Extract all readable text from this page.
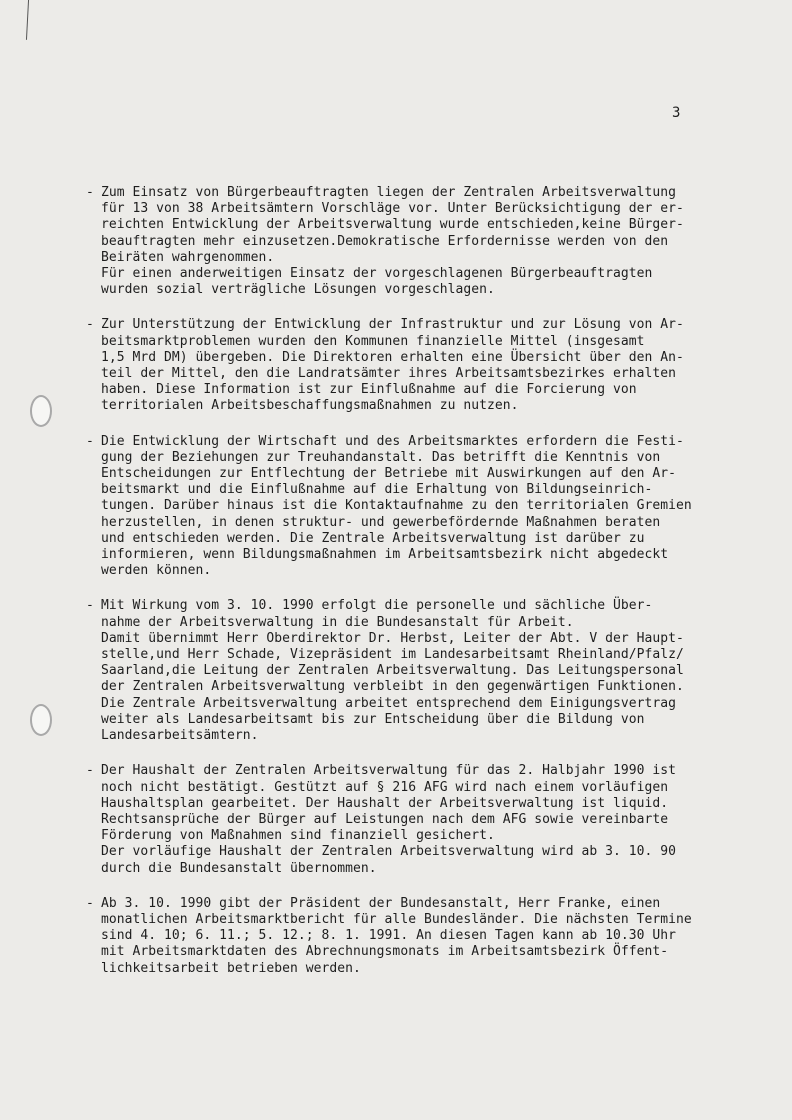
3
- Zum Einsatz von Bürgerbeauftragten liegen der Zentralen Arbeitsverwaltung
für 13 von 38 Arbeitsämtern Vorschläge vor. Unter Berücksichtigung der er-
reichten Entwicklung der Arbeitsverwaltung wurde entschieden,keine Bürger-
beauftragten mehr einzusetzen.Demokratische Erfordernisse werden von den
Beiräten wahrgenommen.
Für einen anderweitigen Einsatz der vorgeschlagenen Bürgerbeauftragten
wurden sozial verträgliche Lösungen vorgeschlagen.
- Zur Unterstützung der Entwicklung der Infrastruktur und zur Lösung von Ar-
beitsmarktproblemen wurden den Kommunen finanzielle Mittel (insgesamt
1,5 Mrd DM) übergeben. Die Direktoren erhalten eine Übersicht über den An-
teil der Mittel, den die Landratsämter ihres Arbeitsamtsbezirkes erhalten
haben. Diese Information ist zur Einflußnahme auf die Forcierung von
territorialen Arbeitsbeschaffungsmaßnahmen zu nutzen.
- Die Entwicklung der Wirtschaft und des Arbeitsmarktes erfordern die Festi-
gung der Beziehungen zur Treuhandanstalt. Das betrifft die Kenntnis von
Entscheidungen zur Entflechtung der Betriebe mit Auswirkungen auf den Ar-
beitsmarkt und die Einflußnahme auf die Erhaltung von Bildungseinrich-
tungen. Darüber hinaus ist die Kontaktaufnahme zu den territorialen Gremien
herzustellen, in denen struktur- und gewerbefördernde Maßnahmen beraten
und entschieden werden. Die Zentrale Arbeitsverwaltung ist darüber zu
informieren, wenn Bildungsmaßnahmen im Arbeitsamtsbezirk nicht abgedeckt
werden können.
- Mit Wirkung vom 3. 10. 1990 erfolgt die personelle und sächliche Über-
nahme der Arbeitsverwaltung in die Bundesanstalt für Arbeit.
Damit übernimmt Herr Oberdirektor Dr. Herbst, Leiter der Abt. V der Haupt-
stelle,und Herr Schade, Vizepräsident im Landesarbeitsamt Rheinland/Pfalz/
Saarland,die Leitung der Zentralen Arbeitsverwaltung. Das Leitungspersonal
der Zentralen Arbeitsverwaltung verbleibt in den gegenwärtigen Funktionen.
Die Zentrale Arbeitsverwaltung arbeitet entsprechend dem Einigungsvertrag
weiter als Landesarbeitsamt bis zur Entscheidung über die Bildung von
Landesarbeitsämtern.
- Der Haushalt der Zentralen Arbeitsverwaltung für das 2. Halbjahr 1990 ist
noch nicht bestätigt. Gestützt auf § 216 AFG wird nach einem vorläufigen
Haushaltsplan gearbeitet. Der Haushalt der Arbeitsverwaltung ist liquid.
Rechtsansprüche der Bürger auf Leistungen nach dem AFG sowie vereinbarte
Förderung von Maßnahmen sind finanziell gesichert.
Der vorläufige Haushalt der Zentralen Arbeitsverwaltung wird ab 3. 10. 90
durch die Bundesanstalt übernommen.
- Ab 3. 10. 1990 gibt der Präsident der Bundesanstalt, Herr Franke, einen
monatlichen Arbeitsmarktbericht für alle Bundesländer. Die nächsten Termine
sind 4. 10; 6. 11.; 5. 12.; 8. 1. 1991. An diesen Tagen kann ab 10.30 Uhr
mit Arbeitsmarktdaten des Abrechnungsmonats im Arbeitsamtsbezirk Öffent-
lichkeitsarbeit betrieben werden.
